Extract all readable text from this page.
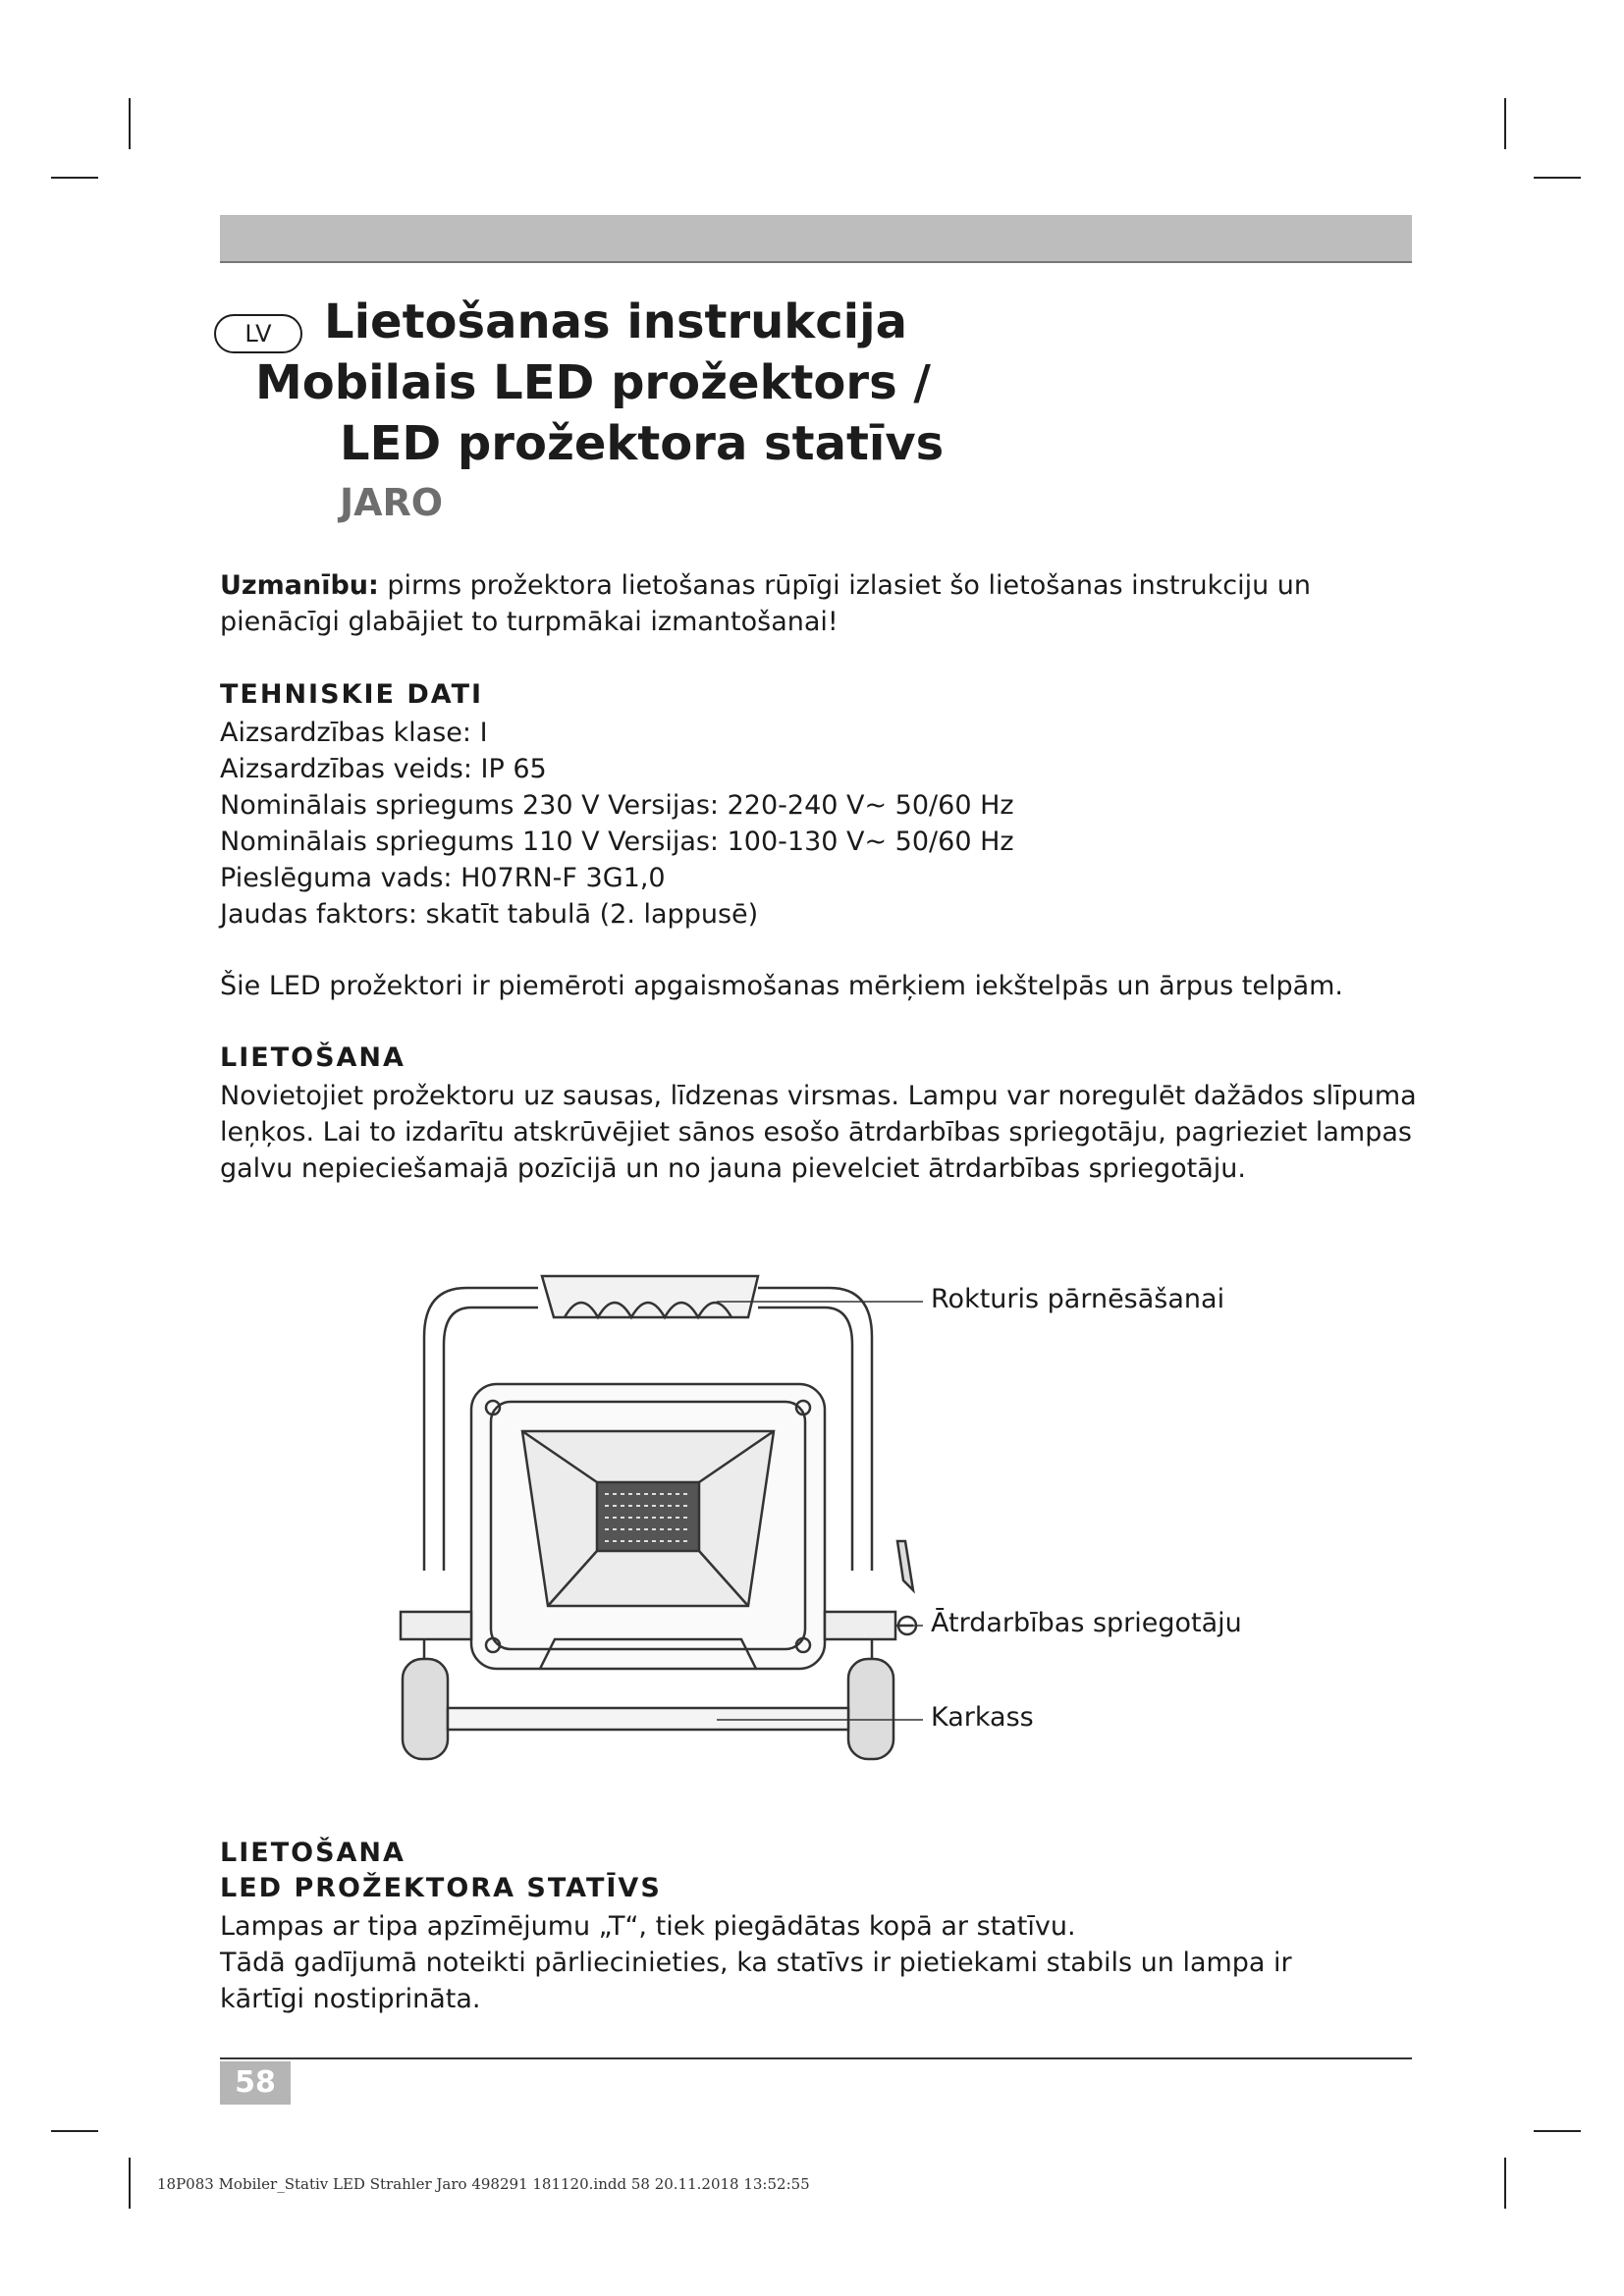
LV	Lietošanas instrukcija
Mobilais LED prožektors /
LED prožektora statīvs
JARO
Uzmanību: pirms prožektora lietošanas rūpīgi izlasiet šo lietošanas instrukciju un pienācīgi glabājiet to turpmākai izmantošanai!
TEHNISKIE DATI
Aizsardzības klase: I
Aizsardzības veids: IP 65
Nominālais spriegums 230 V Versijas: 220-240 V~ 50/60 Hz
Nominālais spriegums 110 V Versijas: 100-130 V~ 50/60 Hz
Pieslēguma vads: H07RN-F 3G1,0
Jaudas faktors: skatīt tabulā (2. lappusē)
Šie LED prožektori ir piemēroti apgaismošanas mērķiem iekštelpās un ārpus telpām.
LIETOŠANA
Novietojiet prožektoru uz sausas, līdzenas virsmas. Lampu var noregulēt dažādos slīpuma leņķos. Lai to izdarītu atskrūvējiet sānos esošo ātrdarbības spriegotāju, pagrieziet lampas galvu nepieciešamajā pozīcijā un no jauna pievelciet ātrdarbības spriegotāju.
Rokturis pārnēsāšanai
Ātrdarbības spriegotāju
Karkass
LIETOŠANA
LED PROŽEKTORA STATĪVS
Lampas ar tipa apzīmējumu „T“, tiek piegādātas kopā ar statīvu.
Tādā gadījumā noteikti pārliecinieties, ka statīvs ir pietiekami stabils un lampa ir kārtīgi nostiprināta.
58
18P083 Mobiler_Stativ LED Strahler Jaro 498291 181120.indd 58 20.11.2018 13:52:55
